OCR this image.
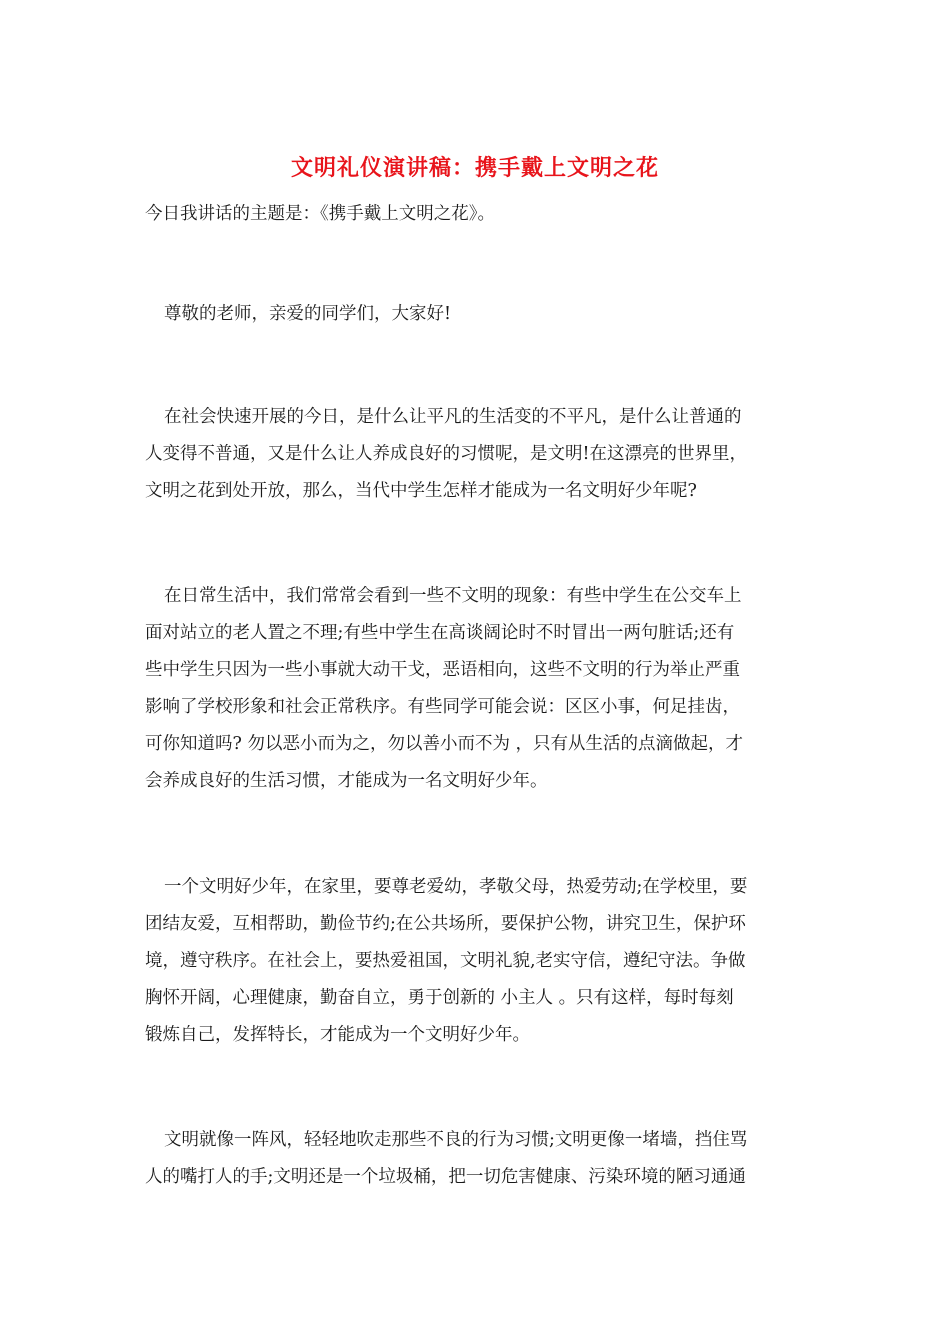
文明礼仪演讲稿：携手戴上文明之花
今日我讲话的主题是：《携手戴上文明之花》。
尊敬的老师，亲爱的同学们，大家好!
在社会快速开展的今日，是什么让平凡的生活变的不平凡，是什么让普通的
人变得不普通，又是什么让人养成良好的习惯呢，是文明!在这漂亮的世界里，
文明之花到处开放，那么，当代中学生怎样才能成为一名文明好少年呢?
在日常生活中，我们常常会看到一些不文明的现象：有些中学生在公交车上
面对站立的老人置之不理;有些中学生在高谈阔论时不时冒出一两句脏话;还有
些中学生只因为一些小事就大动干戈，恶语相向，这些不文明的行为举止严重
影响了学校形象和社会正常秩序。有些同学可能会说：区区小事，何足挂齿，
可你知道吗? 勿以恶小而为之，勿以善小而不为 ，只有从生活的点滴做起，才
会养成良好的生活习惯，才能成为一名文明好少年。
一个文明好少年，在家里，要尊老爱幼，孝敬父母，热爱劳动;在学校里，要
团结友爱，互相帮助，勤俭节约;在公共场所，要保护公物，讲究卫生，保护环
境，遵守秩序。在社会上，要热爱祖国，文明礼貌,老实守信，遵纪守法。争做
胸怀开阔，心理健康，勤奋自立，勇于创新的 小主人 。只有这样，每时每刻
锻炼自己，发挥特长，才能成为一个文明好少年。
文明就像一阵风，轻轻地吹走那些不良的行为习惯;文明更像一堵墙，挡住骂
人的嘴打人的手;文明还是一个垃圾桶，把一切危害健康、污染环境的陋习通通
